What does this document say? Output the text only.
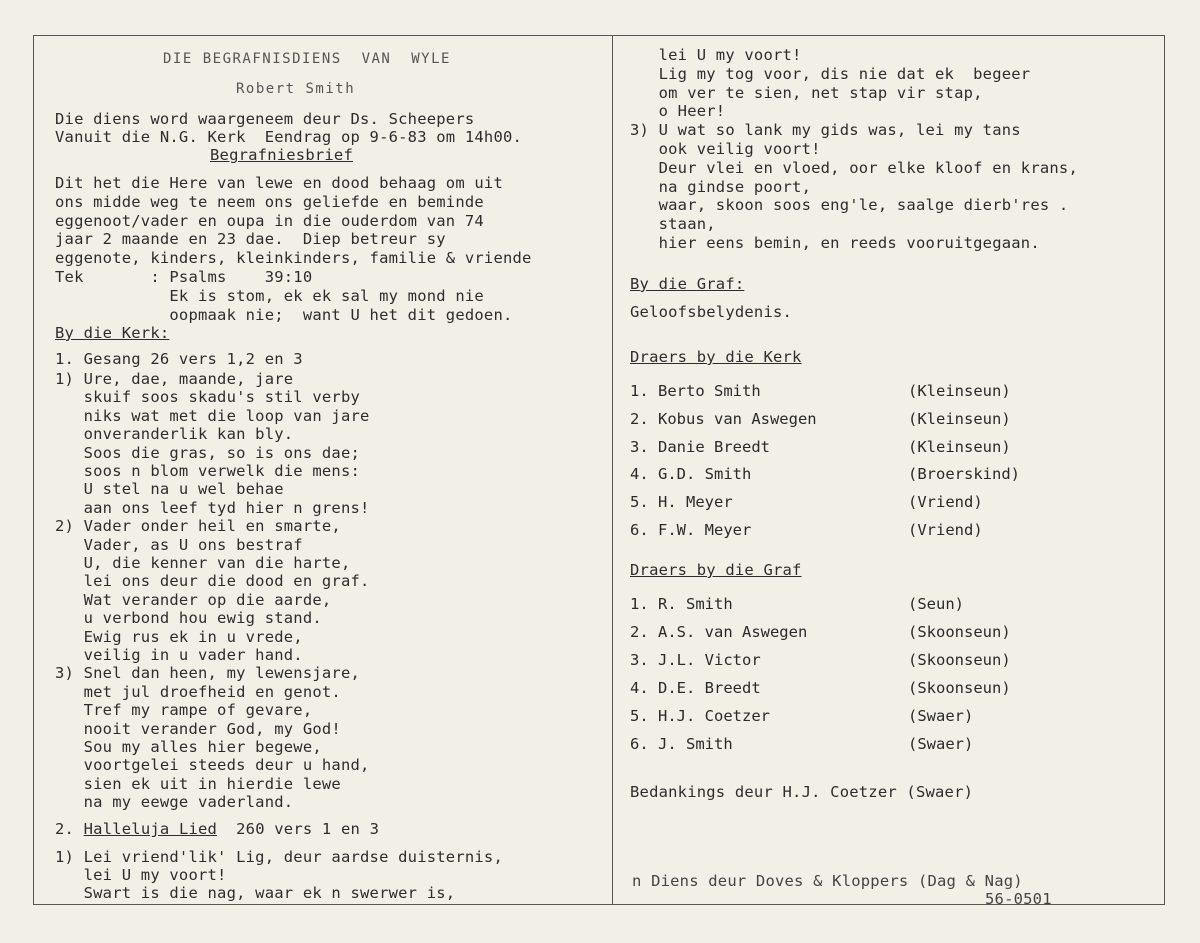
DIE BEGRAFNISDIENS  VAN  WYLE
Robert Smith
Die diens word waargeneem deur Ds. Scheepers
Vanuit die N.G. Kerk  Eendrag op 9-6-83 om 14h00.
Begrafniesbrief
Dit het die Here van lewe en dood behaag om uit
ons midde weg te neem ons geliefde en beminde
eggenoot/vader en oupa in die ouderdom van 74
jaar 2 maande en 23 dae.  Diep betreur sy
eggenote, kinders, kleinkinders, familie & vriende
Tek       : Psalms    39:10
Ek is stom, ek ek sal my mond nie
oopmaak nie;  want U het dit gedoen.
By die Kerk:
1. Gesang 26 vers 1,2 en 3
1) Ure, dae, maande, jare
skuif soos skadu's stil verby
niks wat met die loop van jare
onveranderlik kan bly.
Soos die gras, so is ons dae;
soos n blom verwelk die mens:
U stel na u wel behae
aan ons leef tyd hier n grens!
2) Vader onder heil en smarte,
Vader, as U ons bestraf
U, die kenner van die harte,
lei ons deur die dood en graf.
Wat verander op die aarde,
u verbond hou ewig stand.
Ewig rus ek in u vrede,
veilig in u vader hand.
3) Snel dan heen, my lewensjare,
met jul droefheid en genot.
Tref my rampe of gevare,
nooit verander God, my God!
Sou my alles hier begewe,
voortgelei steeds deur u hand,
sien ek uit in hierdie lewe
na my eewge vaderland.
2. Halleluja Lied  260 vers 1 en 3
1) Lei vriend'lik' Lig, deur aardse duisternis,
lei U my voort!
Swart is die nag, waar ek n swerwer is,
lei U my voort!
Lig my tog voor, dis nie dat ek  begeer
om ver te sien, net stap vir stap,
o Heer!
3) U wat so lank my gids was, lei my tans
ook veilig voort!
Deur vlei en vloed, oor elke kloof en krans,
na gindse poort,
waar, skoon soos eng'le, saalge dierb'res .
staan,
hier eens bemin, en reeds vooruitgegaan.
By die Graf:
Geloofsbelydenis.
Draers by die Kerk
1. Berto Smith	(Kleinseun)
2. Kobus van Aswegen	(Kleinseun)
3. Danie Breedt	(Kleinseun)
4. G.D. Smith	(Broerskind)
5. H. Meyer	(Vriend)
6. F.W. Meyer	(Vriend)
Draers by die Graf
1. R. Smith	(Seun)
2. A.S. van Aswegen	(Skoonseun)
3. J.L. Victor	(Skoonseun)
4. D.E. Breedt	(Skoonseun)
5. H.J. Coetzer	(Swaer)
6. J. Smith	(Swaer)
Bedankings deur H.J. Coetzer (Swaer)
n Diens deur Doves & Kloppers (Dag & Nag)
56-0501
